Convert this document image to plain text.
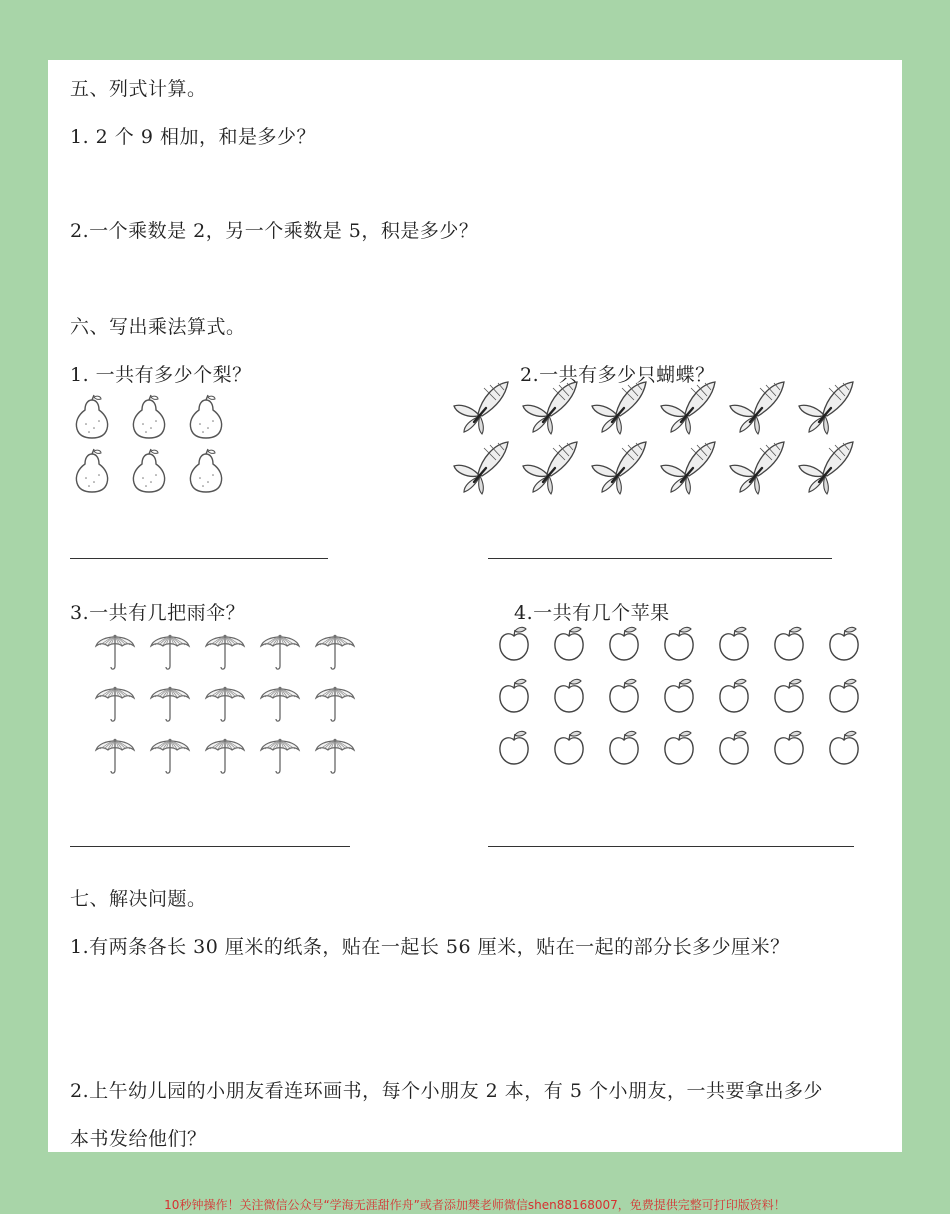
五、列式计算。
1. 2 个 9 相加，和是多少？
2.一个乘数是 2，另一个乘数是 5，积是多少？
六、写出乘法算式。
1. 一共有多少个梨？	2.一共有多少只蝴蝶？
3.一共有几把雨伞？	4.一共有几个苹果
七、解决问题。
1.有两条各长 30 厘米的纸条，贴在一起长 56 厘米，贴在一起的部分长多少厘米？
2.上午幼儿园的小朋友看连环画书，每个小朋友 2 本，有 5 个小朋友，一共要拿出多少
本书发给他们？
10秒钟操作！关注微信公众号“学海无涯甜作舟”或者添加樊老师微信shen88168007，免费提供完整可打印版资料！
